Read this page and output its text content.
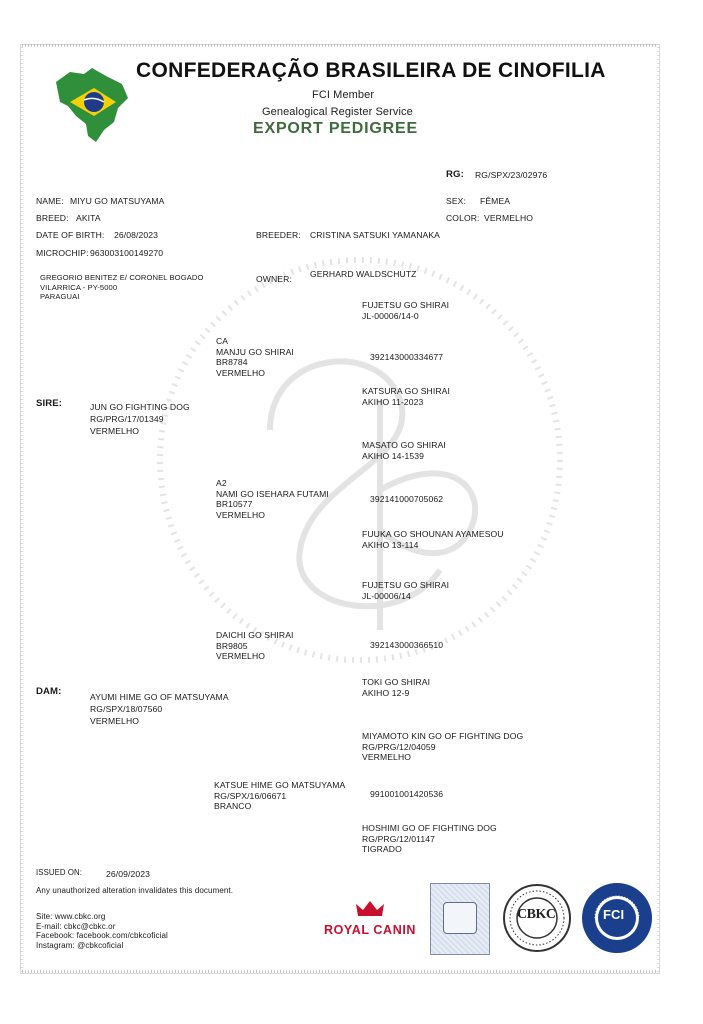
CONFEDERAÇÃO BRASILEIRA DE CINOFILIA
FCI Member
Genealogical Register Service
EXPORT PEDIGREE
RG: RG/SPX/23/02976
NAME: MIYU GO MATSUYAMA
BREED: AKITA
DATE OF BIRTH: 26/08/2023
MICROCHIP: 963003100149270
SEX: FÊMEA
COLOR: VERMELHO
BREEDER: CRISTINA SATSUKI YAMANAKA
GREGORIO BENITEZ E/ CORONEL BOGADO
VILARRICA - PY-5000
PARAGUAI
OWNER: GERHARD WALDSCHUTZ
SIRE:	JUN GO FIGHTING DOG
RG/PRG/17/01349
VERMELHO
DAM:	AYUMI HIME GO OF MATSUYAMA
RG/SPX/18/07560
VERMELHO
CA
MANJU GO SHIRAI
BR8784
VERMELHO
A2
NAMI GO ISEHARA FUTAMI
BR10577
VERMELHO
DAICHI GO SHIRAI
BR9805
VERMELHO
KATSUE HIME GO MATSUYAMA
RG/SPX/16/06671
BRANCO
FUJETSU GO SHIRAI
JL-00006/14-0
392143000334677
KATSURA GO SHIRAI
AKIHO 11-2023
MASATO GO SHIRAI
AKIHO 14-1539
392141000705062
FUUKA GO SHOUNAN AYAMESOU
AKIHO 13-114
FUJETSU GO SHIRAI
JL-00006/14
392143000366510
TOKI GO SHIRAI
AKIHO 12-9
MIYAMOTO KIN GO OF FIGHTING DOG
RG/PRG/12/04059
VERMELHO
991001001420536
HOSHIMI GO OF FIGHTING DOG
RG/PRG/12/01147
TIGRADO
ISSUED ON:	26/09/2023
Any unauthorized alteration invalidates this document.
Site: www.cbkc.org
E-mail: cbkc@cbkc.or
Facebook: facebook.com/cbkcoficial
Instagram: @cbkcoficial
ROYAL CANIN
CBKC	FCI
